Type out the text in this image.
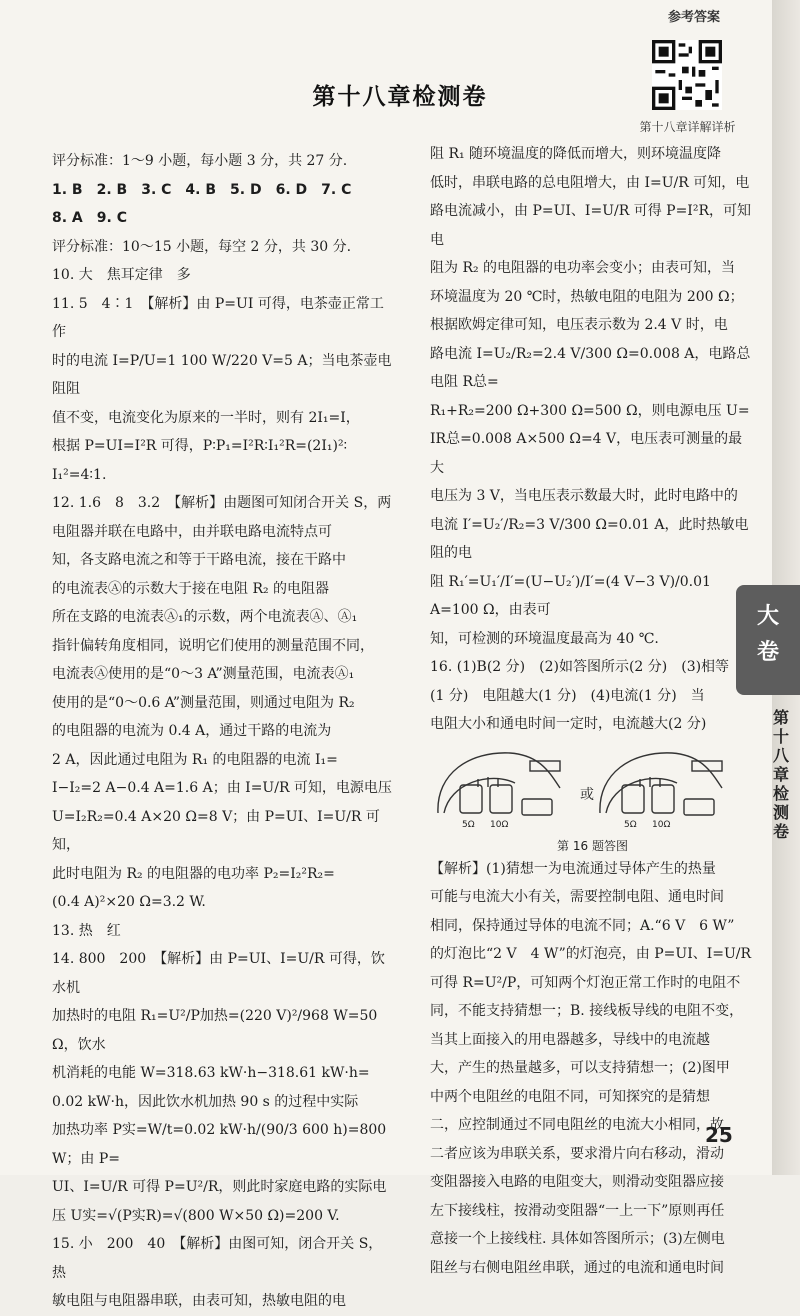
参考答案
第十八章检测卷
第十八章详解详析

评分标准：1～9 小题，每小题 3 分，共 27 分.

1. B　2. B　3. C　4. B　5. D　6. D　7. C

8. A　9. C

评分标准：10～15 小题，每空 2 分，共 30 分.

10. 大　焦耳定律　多

11. 5　4∶1　【解析】由 P=UI 可得，电茶壶正常工作

时的电流 I=P/U=1 100 W/220 V=5 A；当电茶壶电阻阻

值不变，电流变化为原来的一半时，则有 2I₁=I，

根据 P=UI=I²R 可得，P∶P₁=I²R∶I₁²R=(2I₁)²∶

I₁²=4∶1.

12. 1.6　8　3.2　【解析】由题图可知闭合开关 S，两

电阻器并联在电路中，由并联电路电流特点可

知，各支路电流之和等于干路电流，接在干路中

的电流表Ⓐ的示数大于接在电阻 R₂ 的电阻器

所在支路的电流表Ⓐ₁的示数，两个电流表Ⓐ、Ⓐ₁

指针偏转角度相同，说明它们使用的测量范围不同，

电流表Ⓐ使用的是“0～3 A”测量范围，电流表Ⓐ₁

使用的是“0～0.6 A”测量范围，则通过电阻为 R₂

的电阻器的电流为 0.4 A，通过干路的电流为

2 A，因此通过电阻为 R₁ 的电阻器的电流 I₁=

I−I₂=2 A−0.4 A=1.6 A；由 I=U/R 可知，电源电压

U=I₂R₂=0.4 A×20 Ω=8 V；由 P=UI、I=U/R 可知，

此时电阻为 R₂ 的电阻器的电功率 P₂=I₂²R₂=

(0.4 A)²×20 Ω=3.2 W.

13. 热　红

14. 800　200　【解析】由 P=UI、I=U/R 可得，饮水机

加热时的电阻 R₁=U²/P加热=(220 V)²/968 W=50 Ω，饮水

机消耗的电能 W=318.63 kW·h−318.61 kW·h=

0.02 kW·h，因此饮水机加热 90 s 的过程中实际

加热功率 P实=W/t=0.02 kW·h/(90/3 600 h)=800 W；由 P=

UI、I=U/R 可得 P=U²/R，则此时家庭电路的实际电

压 U实=√(P实R)=√(800 W×50 Ω)=200 V.

15. 小　200　40　【解析】由图可知，闭合开关 S，热

敏电阻与电阻器串联，由表可知，热敏电阻的电

阻 R₁ 随环境温度的降低而增大，则环境温度降

低时，串联电路的总电阻增大，由 I=U/R 可知，电

路电流减小，由 P=UI、I=U/R 可得 P=I²R，可知电

阻为 R₂ 的电阻器的电功率会变小；由表可知，当

环境温度为 20 ℃时，热敏电阻的电阻为 200 Ω；

根据欧姆定律可知，电压表示数为 2.4 V 时，电

路电流 I=U₂/R₂=2.4 V/300 Ω=0.008 A，电路总电阻 R总=

R₁+R₂=200 Ω+300 Ω=500 Ω，则电源电压 U=

IR总=0.008 A×500 Ω=4 V，电压表可测量的最大

电压为 3 V，当电压表示数最大时，此时电路中的

电流 I′=U₂′/R₂=3 V/300 Ω=0.01 A，此时热敏电阻的电

阻 R₁′=U₁′/I′=(U−U₂′)/I′=(4 V−3 V)/0.01 A=100 Ω，由表可

知，可检测的环境温度最高为 40 ℃.

16. (1)B(2 分)　(2)如答图所示(2 分)　(3)相等

(1 分)　电阻越大(1 分)　(4)电流(1 分)　当

电阻大小和通电时间一定时，电流越大(2 分)

或
5Ω 10Ω	5Ω 10Ω
第 16 题答图

【解析】(1)猜想一为电流通过导体产生的热量

可能与电流大小有关，需要控制电阻、通电时间

相同，保持通过导体的电流不同；A.“6 V　6 W”

的灯泡比“2 V　4 W”的灯泡亮，由 P=UI、I=U/R

可得 R=U²/P，可知两个灯泡正常工作时的电阻不

同，不能支持猜想一；B. 接线板导线的电阻不变，

当其上面接入的用电器越多，导线中的电流越

大，产生的热量越多，可以支持猜想一；(2)图甲

中两个电阻丝的电阻不同，可知探究的是猜想

二，应控制通过不同电阻丝的电流大小相同，故

二者应该为串联关系，要求滑片向右移动，滑动

变阻器接入电路的电阻变大，则滑动变阻器应接

左下接线柱，按滑动变阻器“一上一下”原则再任

意接一个上接线柱. 具体如答图所示；(3)左侧电

阻丝与右侧电阻丝串联，通过的电流和通电时间

25
大
卷
第十八章检测卷
